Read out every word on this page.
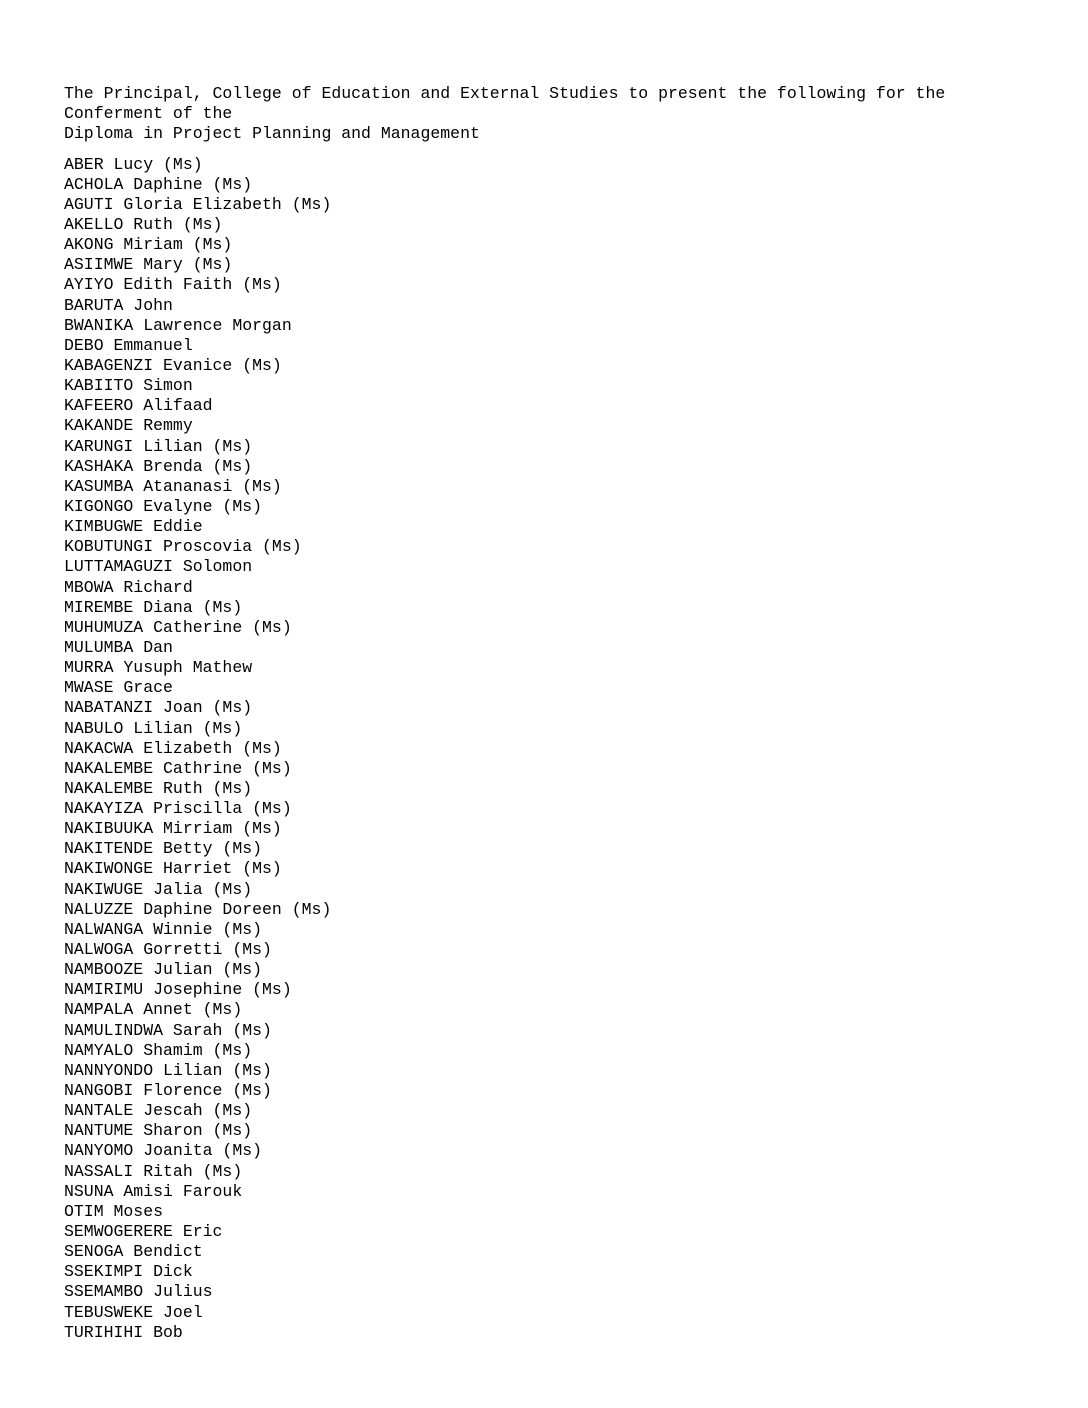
The Principal, College of Education and External Studies to present the following for the
Conferment of the
Diploma in Project Planning and Management
ABER Lucy (Ms)
ACHOLA Daphine (Ms)
AGUTI Gloria Elizabeth (Ms)
AKELLO Ruth (Ms)
AKONG Miriam (Ms)
ASIIMWE Mary (Ms)
AYIYO Edith Faith (Ms)
BARUTA John
BWANIKA Lawrence Morgan
DEBO Emmanuel
KABAGENZI Evanice (Ms)
KABIITO Simon
KAFEERO Alifaad
KAKANDE Remmy
KARUNGI Lilian (Ms)
KASHAKA Brenda (Ms)
KASUMBA Atananasi (Ms)
KIGONGO Evalyne (Ms)
KIMBUGWE Eddie
KOBUTUNGI Proscovia (Ms)
LUTTAMAGUZI Solomon
MBOWA Richard
MIREMBE Diana (Ms)
MUHUMUZA Catherine (Ms)
MULUMBA Dan
MURRA Yusuph Mathew
MWASE Grace
NABATANZI Joan (Ms)
NABULO Lilian (Ms)
NAKACWA Elizabeth (Ms)
NAKALEMBE Cathrine (Ms)
NAKALEMBE Ruth (Ms)
NAKAYIZA Priscilla (Ms)
NAKIBUUKA Mirriam (Ms)
NAKITENDE Betty (Ms)
NAKIWONGE Harriet (Ms)
NAKIWUGE Jalia (Ms)
NALUZZE Daphine Doreen (Ms)
NALWANGA Winnie (Ms)
NALWOGA Gorretti (Ms)
NAMBOOZE Julian (Ms)
NAMIRIMU Josephine (Ms)
NAMPALA Annet (Ms)
NAMULINDWA Sarah (Ms)
NAMYALO Shamim (Ms)
NANNYONDO Lilian (Ms)
NANGOBI Florence (Ms)
NANTALE Jescah (Ms)
NANTUME Sharon (Ms)
NANYOMO Joanita (Ms)
NASSALI Ritah (Ms)
NSUNA Amisi Farouk
OTIM Moses
SEMWOGERERE Eric
SENOGA Bendict
SSEKIMPI Dick
SSEMAMBO Julius
TEBUSWEKE Joel
TURIHIHI Bob
